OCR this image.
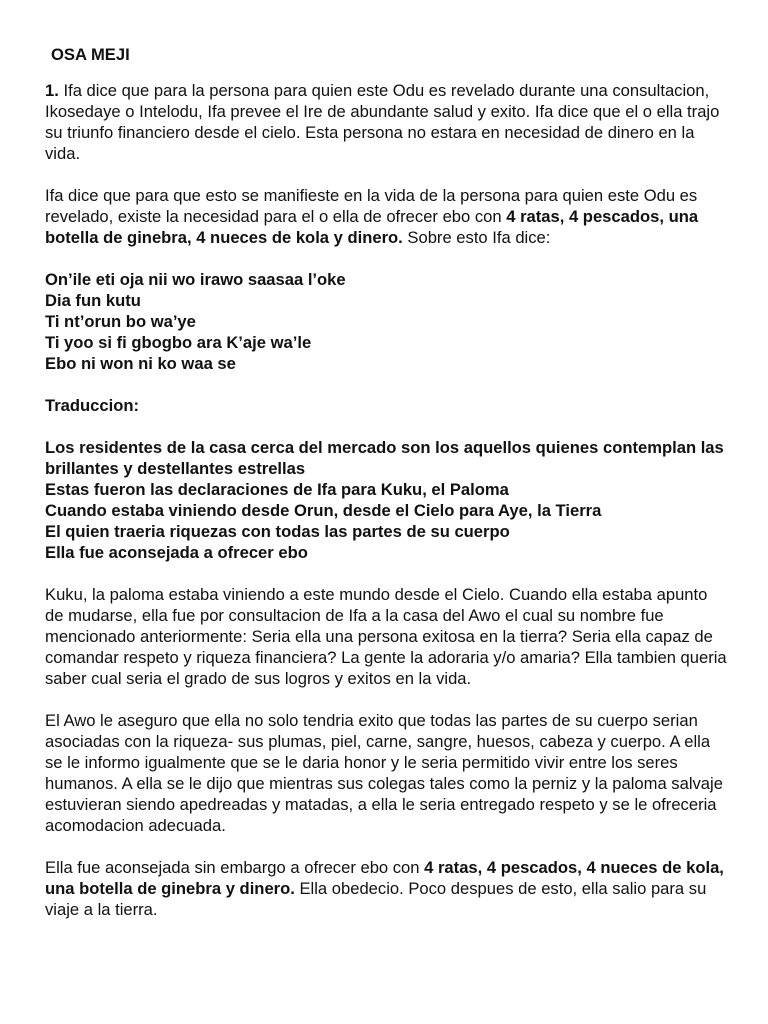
OSA MEJI

1. Ifa dice que para la persona para quien este Odu es revelado durante una consultacion, Ikosedaye o Intelodu, Ifa prevee el Ire de abundante salud y exito. Ifa dice que el o ella trajo su triunfo financiero desde el cielo. Esta persona no estara en necesidad de dinero en la vida.

Ifa dice que para que esto se manifieste en la vida de la persona para quien este Odu es revelado, existe la necesidad para el o ella de ofrecer ebo con 4 ratas, 4 pescados, una botella de ginebra, 4 nueces de kola y dinero. Sobre esto Ifa dice:

On’ile eti oja nii wo irawo saasaa l’oke
Dia fun kutu
Ti nt’orun bo wa’ye
Ti yoo si fi gbogbo ara K’aje wa’le
Ebo ni won ni ko waa se
Traduccion:
Los residentes de la casa cerca del mercado son los aquellos quienes contemplan las brillantes y destellantes estrellas
Estas fueron las declaraciones de Ifa para Kuku, el Paloma
Cuando estaba viniendo desde Orun, desde el Cielo para Aye, la Tierra
El quien traeria riquezas con todas las partes de su cuerpo
Ella fue aconsejada a ofrecer ebo

Kuku, la paloma estaba viniendo a este mundo desde el Cielo. Cuando ella estaba apunto de mudarse, ella fue por consultacion de Ifa a la casa del Awo el cual su nombre fue mencionado anteriormente: Seria ella una persona exitosa en la tierra? Seria ella capaz de comandar respeto y riqueza financiera? La gente la adoraria y/o amaria? Ella tambien queria saber cual seria el grado de sus logros y exitos en la vida.

El Awo le aseguro que ella no solo tendria exito que todas las partes de su cuerpo serian asociadas con la riqueza- sus plumas, piel, carne, sangre, huesos, cabeza y cuerpo. A ella se le informo igualmente que se le daria honor y le seria permitido vivir entre los seres humanos. A ella se le dijo que mientras sus colegas tales como la perniz y la paloma salvaje estuvieran siendo apedreadas y matadas, a ella le seria entregado respeto y se le ofreceria acomodacion adecuada.

Ella fue aconsejada sin embargo a ofrecer ebo con 4 ratas, 4 pescados, 4 nueces de kola, una botella de ginebra y dinero. Ella obedecio. Poco despues de esto, ella salio para su viaje a la tierra.
